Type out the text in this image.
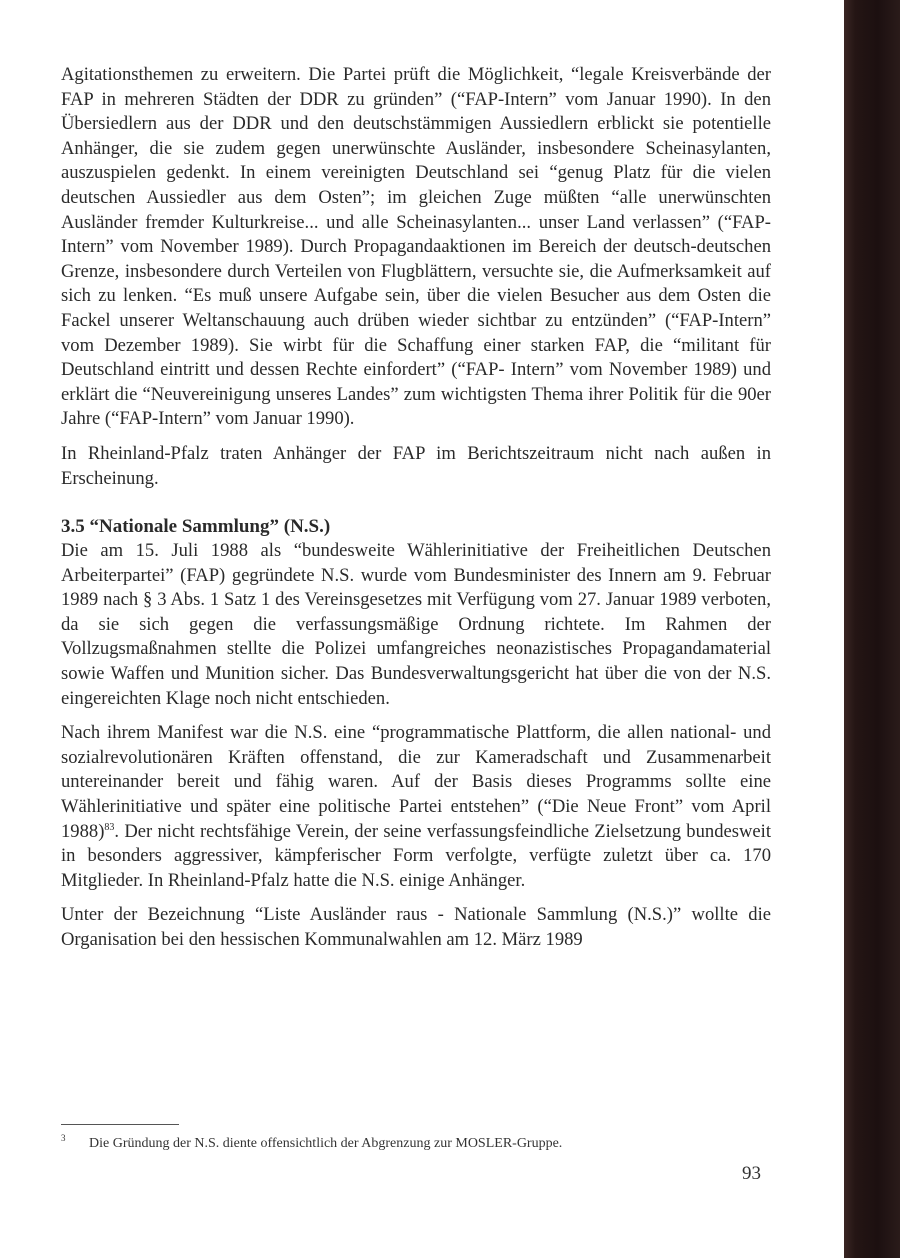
Agitationsthemen zu erweitern. Die Partei prüft die Möglichkeit, “legale Kreisverbände der FAP in mehreren Städten der DDR zu gründen” (“FAP-Intern” vom Januar 1990). In den Übersiedlern aus der DDR und den deutschstämmigen Aussiedlern erblickt sie potentielle Anhänger, die sie zudem gegen unerwünschte Ausländer, insbesondere Scheinasylanten, auszuspielen gedenkt. In einem vereinigten Deutschland sei “genug Platz für die vielen deutschen Aussiedler aus dem Osten”; im gleichen Zuge müßten “alle unerwünschten Ausländer fremder Kulturkreise... und alle Scheinasylanten... unser Land verlassen” (“FAP-Intern” vom November 1989). Durch Propagandaaktionen im Bereich der deutsch-deutschen Grenze, insbesondere durch Verteilen von Flugblättern, versuchte sie, die Aufmerksamkeit auf sich zu lenken. “Es muß unsere Aufgabe sein, über die vielen Besucher aus dem Osten die Fackel unserer Weltanschauung auch drüben wieder sichtbar zu entzünden” (“FAP-Intern” vom Dezember 1989). Sie wirbt für die Schaffung einer starken FAP, die “militant für Deutschland eintritt und dessen Rechte einfordert” (“FAP- Intern” vom November 1989) und erklärt die “Neuvereinigung unseres Landes” zum wichtigsten Thema ihrer Politik für die 90er Jahre (“FAP-Intern” vom Januar 1990).

In Rheinland-Pfalz traten Anhänger der FAP im Berichtszeitraum nicht nach außen in Erscheinung.

3.5 “Nationale Sammlung” (N.S.)

Die am 15. Juli 1988 als “bundesweite Wählerinitiative der Freiheitlichen Deutschen Arbeiterpartei” (FAP) gegründete N.S. wurde vom Bundesminister des Innern am 9. Februar 1989 nach § 3 Abs. 1 Satz 1 des Vereinsgesetzes mit Verfügung vom 27. Januar 1989 verboten, da sie sich gegen die verfassungsmäßige Ordnung richtete. Im Rahmen der Vollzugsmaßnahmen stellte die Polizei umfangreiches neonazistisches Propagandamaterial sowie Waffen und Munition sicher. Das Bundesverwaltungsgericht hat über die von der N.S. eingereichten Klage noch nicht entschieden.

Nach ihrem Manifest war die N.S. eine “programmatische Plattform, die allen national- und sozialrevolutionären Kräften offenstand, die zur Kameradschaft und Zusammenarbeit untereinander bereit und fähig waren. Auf der Basis dieses Programms sollte eine Wählerinitiative und später eine politische Partei entstehen” (“Die Neue Front” vom April 1988)$^{83}$. Der nicht rechtsfähige Verein, der seine verfassungsfeindliche Zielsetzung bundesweit in besonders aggressiver, kämpferischer Form verfolgte, verfügte zuletzt über ca. 170 Mitglieder. In Rheinland-Pfalz hatte die N.S. einige Anhänger.

Unter der Bezeichnung “Liste Ausländer raus - Nationale Sammlung (N.S.)” wollte die Organisation bei den hessischen Kommunalwahlen am 12. März 1989

3 Die Gründung der N.S. diente offensichtlich der Abgrenzung zur MOSLER-Gruppe.
93
